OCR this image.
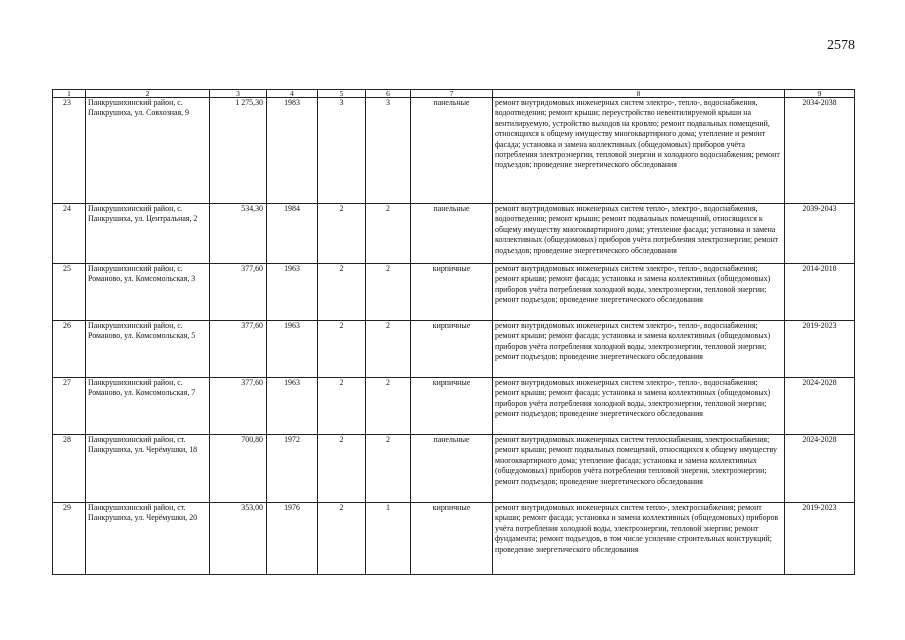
2578
1	2	3	4	5	6	7	8	9
23	Панкрушихинский район, с. Панкрушиха, ул. Совхозная, 9	1 275,30	1983	3	3	панельные	ремонт внутридомовых инженерных систем электро-, тепло-, водоснабжения, водоотведения; ремонт крыши; переустройство невентилируемой крыши на вентилируемую, устройство выходов на кровлю; ремонт подвальных помещений, относящихся к общему имуществу многоквартирного дома; утепление и ремонт фасада; установка и замена коллективных (общедомовых) приборов учёта потребления электроэнергии, тепловой энергии и холодного водоснабжения; ремонт подъездов; проведение энергетического обследования	2034-2038
24	Панкрушихинский район, с. Панкрушиха, ул. Центральная, 2	534,30	1984	2	2	панельные	ремонт внутридомовых инженерных систем тепло-, электро-, водоснабжения, водоотведения; ремонт крыши; ремонт подвальных помещений, относящихся к общему имуществу многоквартирного дома; утепление фасада; установка и замена коллективных (общедомовых) приборов учёта потребления электроэнергии; ремонт подъездов; проведение энергетического обследования	2039-2043
25	Панкрушихинский район, с. Романово, ул. Комсомольская, 3	377,60	1963	2	2	кирпичные	ремонт внутридомовых инженерных систем электро-, тепло-, водоснабжения; ремонт крыши; ремонт фасада; установка и замена коллективных (общедомовых) приборов учёта потребления холодной воды, электроэнергии, тепловой энергии; ремонт подъездов; проведение энергетического обследования	2014-2018
26	Панкрушихинский район, с. Романово, ул. Комсомольская, 5	377,60	1963	2	2	кирпичные	ремонт внутридомовых инженерных систем электро-, тепло-, водоснабжения; ремонт крыши; ремонт фасада; установка и замена коллективных (общедомовых) приборов учёта потребления холодной воды, электроэнергии, тепловой энергии; ремонт подъездов; проведение энергетического обследования	2019-2023
27	Панкрушихинский район, с. Романово, ул. Комсомольская, 7	377,60	1963	2	2	кирпичные	ремонт внутридомовых инженерных систем электро-, тепло-, водоснабжения; ремонт крыши; ремонт фасада; установка и замена коллективных (общедомовых) приборов учёта потребления холодной воды, электроэнергии, тепловой энергии; ремонт подъездов; проведение энергетического обследования	2024-2028
28	Панкрушихинский район, ст. Панкрушиха, ул. Черёмушки, 18	700,80	1972	2	2	панельные	ремонт внутридомовых инженерных систем теплоснабжения, электроснабжения; ремонт крыши; ремонт подвальных помещений, относящихся к общему имуществу многоквартирного дома; утепление фасада; установка и замена коллективных (общедомовых) приборов учёта потребления тепловой энергии, электроэнергии; ремонт подъездов; проведение энергетического обследования	2024-2028
29	Панкрушихинский район, ст. Панкрушиха, ул. Черёмушки, 20	353,00	1976	2	1	кирпичные	ремонт внутридомовых инженерных систем тепло-, электроснабжения; ремонт крыши; ремонт фасада; установка и замена коллективных (общедомовых) приборов учёта потребления холодной воды, электроэнергии, тепловой энергии; ремонт фундамента; ремонт подъездов, в том числе усиление строительных конструкций; проведение энергетического обследования	2019-2023
